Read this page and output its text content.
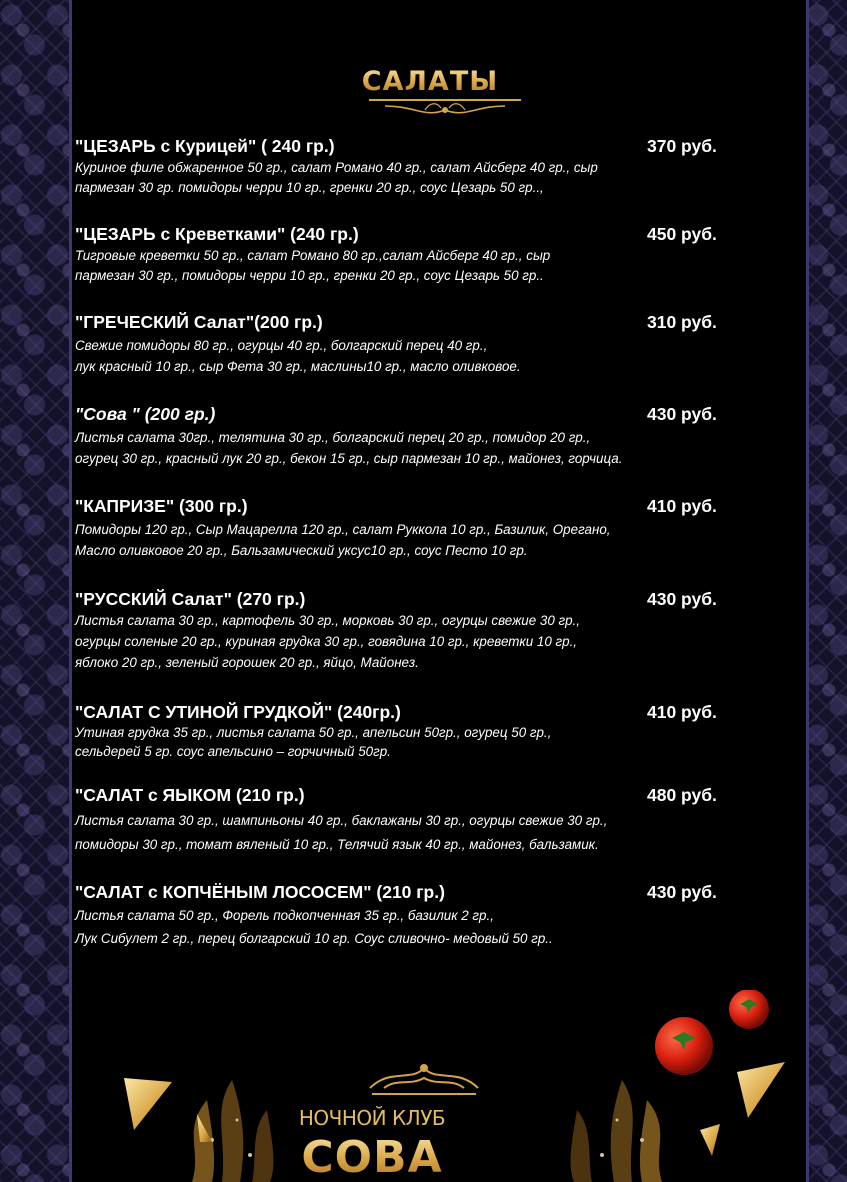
САЛАТЫ
"ЦЕЗАРЬ с Курицей" ( 240 гр.)	370 руб.
Куриное филе обжаренное 50 гр., салат Романо 40 гр., салат Айсберг 40 гр., сыр
пармезан 30 гр. помидоры черри 10 гр., гренки 20 гр., соус Цезарь 50 гр..,
"ЦЕЗАРЬ с Креветками" (240 гр.)	450 руб.
Тигровые креветки 50 гр., салат Романо 80 гр.,салат Айсберг 40 гр., сыр
пармезан 30 гр., помидоры черри 10 гр., гренки 20 гр., соус Цезарь 50 гр..
"ГРЕЧЕСКИЙ Салат"(200 гр.)	310 руб.
Свежие помидоры 80 гр., огурцы 40 гр., болгарский перец 40 гр.,
лук красный 10 гр., сыр Фета 30 гр., маслины10 гр., масло оливковое.
"Сова " (200 гр.)	430 руб.
Листья салата 30гр., телятина 30 гр., болгарский перец 20 гр., помидор 20 гр.,
огурец 30 гр., красный лук 20 гр., бекон 15 гр., сыр пармезан 10 гр., майонез, горчица.
"КАПРИЗЕ" (300 гр.)	410 руб.
Помидоры 120 гр., Сыр Мацарелла 120 гр., салат Руккола 10 гр., Базилик, Орегано,
Масло оливковое 20 гр., Бальзамический уксус10 гр., соус Песто 10 гр.
"РУССКИЙ Салат" (270 гр.)	430 руб.
Листья салата 30 гр., картофель 30 гр., морковь 30 гр., огурцы свежие 30 гр.,
огурцы соленые 20 гр., куриная грудка 30 гр., говядина 10 гр., креветки 10 гр.,
яблоко 20 гр., зеленый горошек 20 гр., яйцо, Майонез.
"САЛАТ С УТИНОЙ ГРУДКОЙ" (240гр.)	410 руб.
Утиная грудка 35 гр., листья салата 50 гр., апельсин 50гр., огурец 50 гр.,
сельдерей 5 гр. соус апельсино – горчичный 50гр.
"САЛАТ с ЯЫКОМ (210 гр.)	480 руб.
Листья салата 30 гр., шампиньоны 40 гр., баклажаны 30 гр., огурцы свежие 30 гр.,
помидоры 30 гр., томат вяленый 10 гр., Телячий язык 40 гр., майонез, бальзамик.
"САЛАТ с КОПЧЁНЫМ ЛОСОСЕМ" (210 гр.)	430 руб.
Листья салата 50 гр., Форель подкопченная 35 гр., базилик 2 гр.,
Лук Сибулет 2 гр., перец болгарский 10 гр. Соус сливочно- медовый 50 гр..
НОЧНОЙ КЛУБ
СОВА
